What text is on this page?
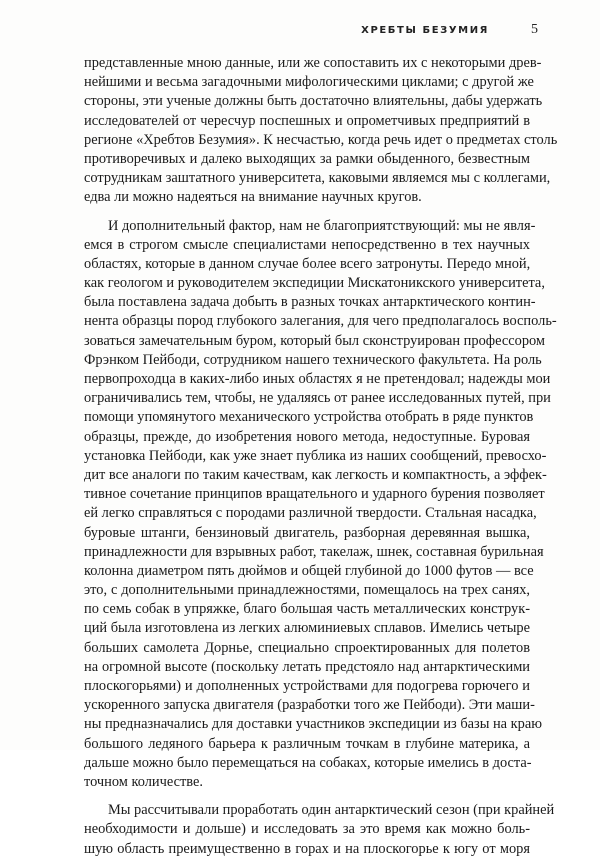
ХРЕБТЫ БЕЗУМИЯ	5
представленные мною данные, или же сопоставить их с некоторыми древ-
нейшими и весьма загадочными мифологическими циклами; с другой же
стороны, эти ученые должны быть достаточно влиятельны, дабы удержать
исследователей от чересчур поспешных и опрометчивых предприятий в
регионе «Хребтов Безумия». К несчастью, когда речь идет о предметах столь
противоречивых и далеко выходящих за рамки обыденного, безвестным
сотрудникам заштатного университета, каковыми являемся мы с коллегами,
едва ли можно надеяться на внимание научных кругов.
И дополнительный фактор, нам не благоприятствующий: мы не явля-
емся в строгом смысле специалистами непосредственно в тех научных
областях, которые в данном случае более всего затронуты. Передо мной,
как геологом и руководителем экспедиции Мискатоникского университета,
была поставлена задача добыть в разных точках антарктического контин-
нента образцы пород глубокого залегания, для чего предполагалось восполь-
зоваться замечательным буром, который был сконструирован профессором
Фрэнком Пейбоди, сотрудником нашего технического факультета. На роль
первопроходца в каких-либо иных областях я не претендовал; надежды мои
ограничивались тем, чтобы, не удаляясь от ранее исследованных путей, при
помощи упомянутого механического устройства отобрать в ряде пунктов
образцы, прежде, до изобретения нового метода, недоступные. Буровая
установка Пейбоди, как уже знает публика из наших сообщений, превосхо-
дит все аналоги по таким качествам, как легкость и компактность, а эффек-
тивное сочетание принципов вращательного и ударного бурения позволяет
ей легко справляться с породами различной твердости. Стальная насадка,
буровые штанги, бензиновый двигатель, разборная деревянная вышка,
принадлежности для взрывных работ, такелаж, шнек, составная бурильная
колонна диаметром пять дюймов и общей глубиной до 1000 футов — все
это, с дополнительными принадлежностями, помещалось на трех санях,
по семь собак в упряжке, благо большая часть металлических конструк-
ций была изготовлена из легких алюминиевых сплавов. Имелись четыре
больших самолета Дорнье, специально спроектированных для полетов
на огромной высоте (поскольку летать предстояло над антарктическими
плоскогорьями) и дополненных устройствами для подогрева горючего и
ускоренного запуска двигателя (разработки того же Пейбоди). Эти маши-
ны предназначались для доставки участников экспедиции из базы на краю
большого ледяного барьера к различным точкам в глубине материка, а
дальше можно было перемещаться на собаках, которые имелись в доста-
точном количестве.
Мы рассчитывали проработать один антарктический сезон (при крайней
необходимости и дольше) и исследовать за это время как можно боль-
шую область преимущественно в горах и на плоскогорье к югу от моря
